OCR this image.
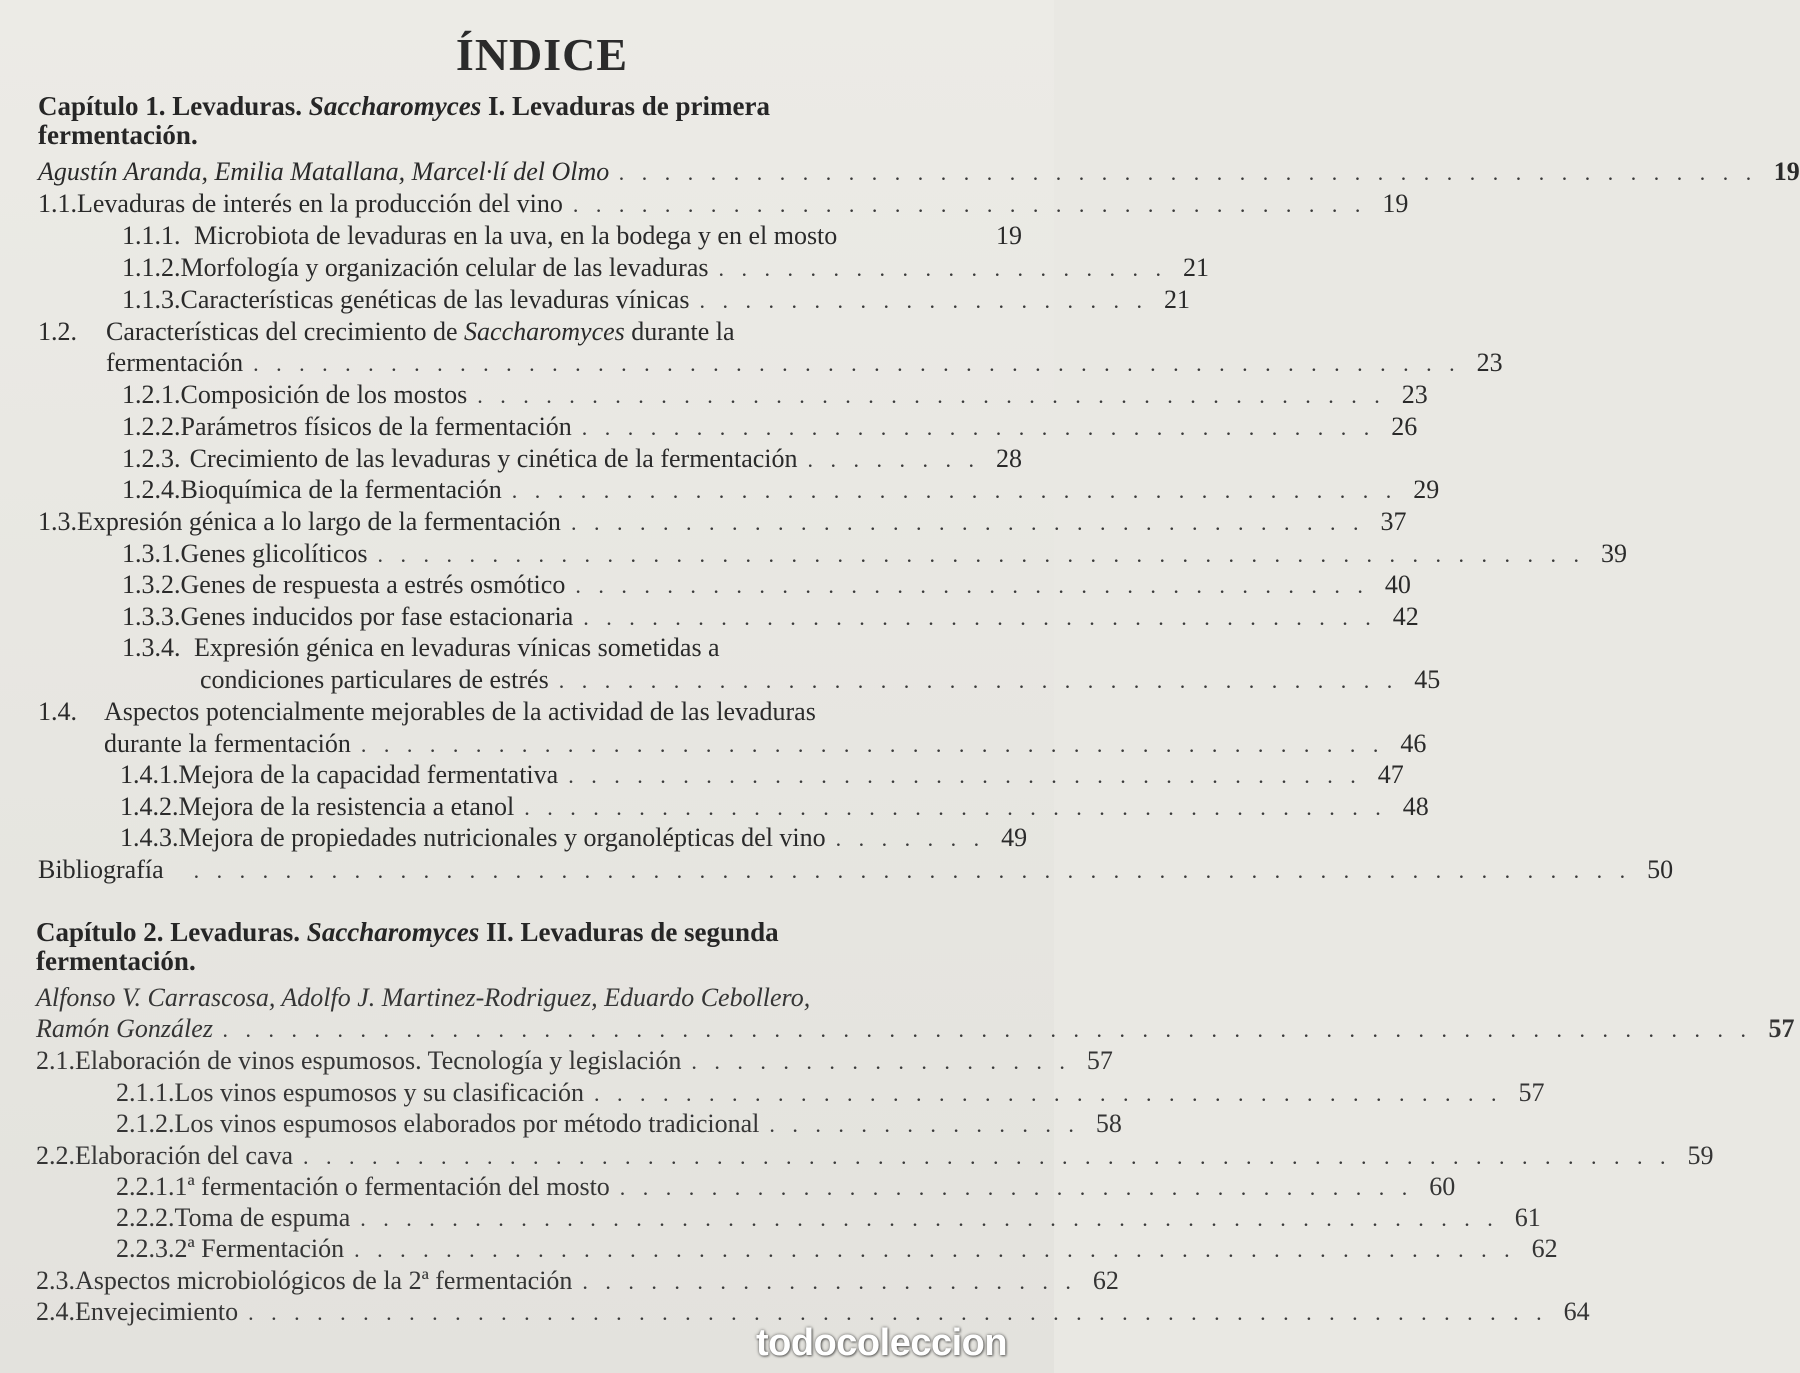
ÍNDICE
Capítulo 1. Levaduras. Saccharomyces I. Levaduras de primera
fermentación.
Agustín Aranda, Emilia Matallana, Marcel·lí del Olmo . . . . . . . . . . . . . . . . . . . . . . . . . . . . . . . . . . . . . . . . . . . . . . . . . . 19
1.1. Levaduras de interés en la producción del vino . . . . . . . . . . . . . . . . . . . . . . . . . . . . . . . . . . . 19
1.1.1. Microbiota de levaduras en la uva, en la bodega y en el mosto	19
1.1.2. Morfología y organización celular de las levaduras . . . . . . . . . . . . . . . . . . . . 21
1.1.3. Características genéticas de las levaduras vínicas . . . . . . . . . . . . . . . . . . . . 21
1.2. Características del crecimiento de Saccharomyces durante la
fermentación . . . . . . . . . . . . . . . . . . . . . . . . . . . . . . . . . . . . . . . . . . . . . . . . . . . . . 23
1.2.1. Composición de los mostos . . . . . . . . . . . . . . . . . . . . . . . . . . . . . . . . . . . . . . . . 23
1.2.2. Parámetros físicos de la fermentación . . . . . . . . . . . . . . . . . . . . . . . . . . . . . . . . . . . 26
1.2.3. Crecimiento de las levaduras y cinética de la fermentación . . . . . . . . 28
1.2.4. Bioquímica de la fermentación . . . . . . . . . . . . . . . . . . . . . . . . . . . . . . . . . . . . . . . 29
1.3. Expresión génica a lo largo de la fermentación . . . . . . . . . . . . . . . . . . . . . . . . . . . . . . . . . . . 37
1.3.1. Genes glicolíticos . . . . . . . . . . . . . . . . . . . . . . . . . . . . . . . . . . . . . . . . . . . . . . . . . . . . . 39
1.3.2. Genes de respuesta a estrés osmótico . . . . . . . . . . . . . . . . . . . . . . . . . . . . . . . . . . . 40
1.3.3. Genes inducidos por fase estacionaria . . . . . . . . . . . . . . . . . . . . . . . . . . . . . . . . . . . 42
1.3.4. Expresión génica en levaduras vínicas sometidas a
condiciones particulares de estrés . . . . . . . . . . . . . . . . . . . . . . . . . . . . . . . . . . . . . 45
1.4. Aspectos potencialmente mejorables de la actividad de las levaduras
durante la fermentación . . . . . . . . . . . . . . . . . . . . . . . . . . . . . . . . . . . . . . . . . . . . . 46
1.4.1. Mejora de la capacidad fermentativa . . . . . . . . . . . . . . . . . . . . . . . . . . . . . . . . . . . 47
1.4.2. Mejora de la resistencia a etanol . . . . . . . . . . . . . . . . . . . . . . . . . . . . . . . . . . . . . . 48
1.4.3. Mejora de propiedades nutricionales y organolépticas del vino . . . . . . . 49
Bibliografía . . . . . . . . . . . . . . . . . . . . . . . . . . . . . . . . . . . . . . . . . . . . . . . . . . . . . . . . . . . . . . . 50
Capítulo 2. Levaduras. Saccharomyces II. Levaduras de segunda
fermentación.
Alfonso V. Carrascosa, Adolfo J. Martinez-Rodriguez, Eduardo Cebollero,
Ramón González . . . . . . . . . . . . . . . . . . . . . . . . . . . . . . . . . . . . . . . . . . . . . . . . . . . . . . . . . . . . . . . . . . . 57
2.1. Elaboración de vinos espumosos. Tecnología y legislación . . . . . . . . . . . . . . . . . 57
2.1.1. Los vinos espumosos y su clasificación . . . . . . . . . . . . . . . . . . . . . . . . . . . . . . . . . . . . . . . . 57
2.1.2. Los vinos espumosos elaborados por método tradicional . . . . . . . . . . . . . . 58
2.2. Elaboración del cava . . . . . . . . . . . . . . . . . . . . . . . . . . . . . . . . . . . . . . . . . . . . . . . . . . . . . . . . . . . . 59
2.2.1. 1ª fermentación o fermentación del mosto . . . . . . . . . . . . . . . . . . . . . . . . . . . . . . . . . . . 60
2.2.2. Toma de espuma . . . . . . . . . . . . . . . . . . . . . . . . . . . . . . . . . . . . . . . . . . . . . . . . . . 61
2.2.3. 2ª Fermentación . . . . . . . . . . . . . . . . . . . . . . . . . . . . . . . . . . . . . . . . . . . . . . . . . . . 62
2.3. Aspectos microbiológicos de la 2ª fermentación . . . . . . . . . . . . . . . . . . . . . . 62
2.4. Envejecimiento . . . . . . . . . . . . . . . . . . . . . . . . . . . . . . . . . . . . . . . . . . . . . . . . . . . . . . . . . 64
todocoleccion
